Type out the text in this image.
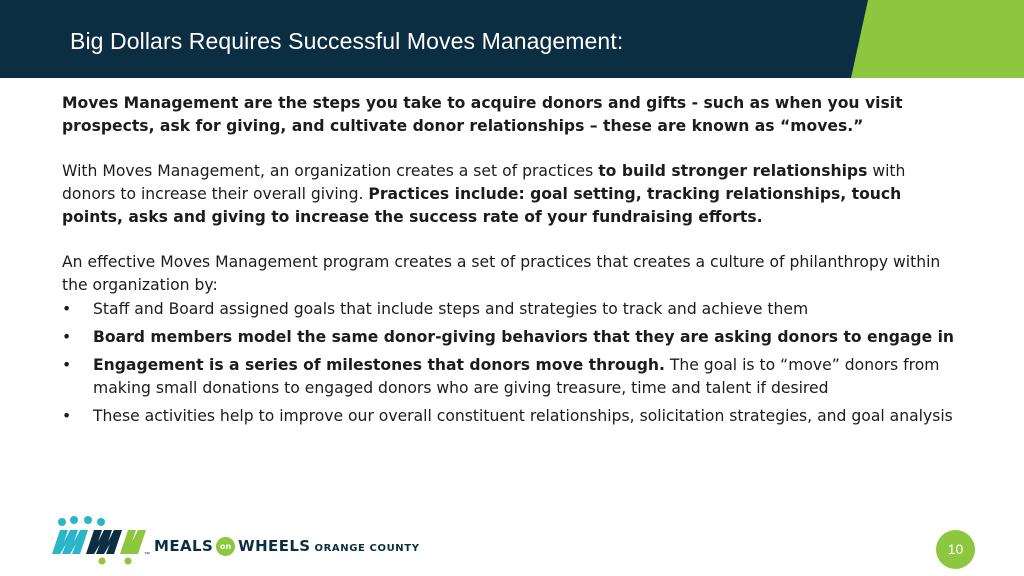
Big Dollars Requires Successful Moves Management:

Moves Management are the steps you take to acquire donors and gifts - such as when you visit prospects, ask for giving, and cultivate donor relationships – these are known as “moves.”

With Moves Management, an organization creates a set of practices to build stronger relationships with donors to increase their overall giving. Practices include: goal setting, tracking relationships, touch points, asks and giving to increase the success rate of your fundraising efforts.

An effective Moves Management program creates a set of practices that creates a culture of philanthropy within the organization by:

• Staff and Board assigned goals that include steps and strategies to track and achieve them
• Board members model the same donor-giving behaviors that they are asking donors to engage in
• Engagement is a series of milestones that donors move through. The goal is to “move” donors from making small donations to engaged donors who are giving treasure, time and talent if desired
• These activities help to improve our overall constituent relationships, solicitation strategies, and goal analysis
™ MEALS on WHEELS ORANGE COUNTY	10
